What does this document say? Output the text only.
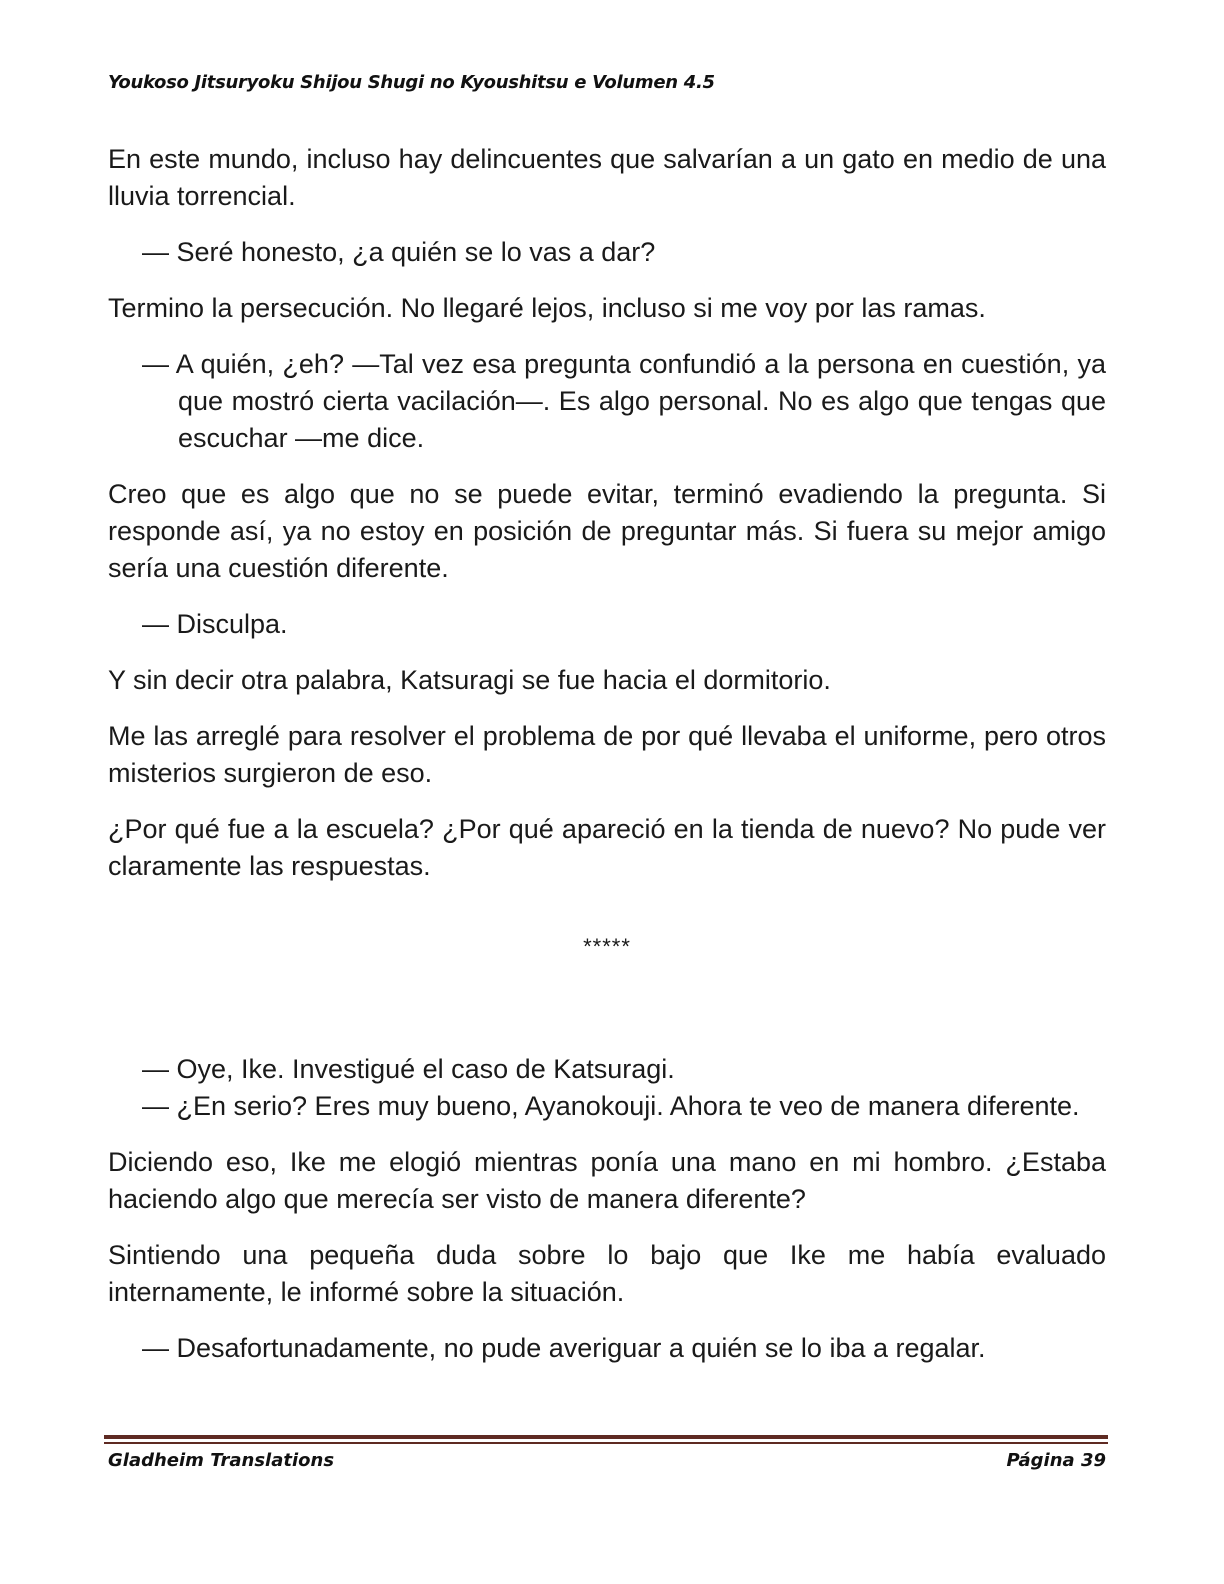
Youkoso Jitsuryoku Shijou Shugi no Kyoushitsu e Volumen 4.5

En este mundo, incluso hay delincuentes que salvarían a un gato en medio de una lluvia torrencial.

— Seré honesto, ¿a quién se lo vas a dar?

Termino la persecución. No llegaré lejos, incluso si me voy por las ramas.

— A quién, ¿eh? —Tal vez esa pregunta confundió a la persona en cuestión, ya que mostró cierta vacilación—. Es algo personal. No es algo que tengas que escuchar —me dice.

Creo que es algo que no se puede evitar, terminó evadiendo la pregunta. Si responde así, ya no estoy en posición de preguntar más. Si fuera su mejor amigo sería una cuestión diferente.

— Disculpa.

Y sin decir otra palabra, Katsuragi se fue hacia el dormitorio.

Me las arreglé para resolver el problema de por qué llevaba el uniforme, pero otros misterios surgieron de eso.

¿Por qué fue a la escuela? ¿Por qué apareció en la tienda de nuevo? No pude ver claramente las respuestas.

*****

— Oye, Ike. Investigué el caso de Katsuragi.

— ¿En serio? Eres muy bueno, Ayanokouji. Ahora te veo de manera diferente.

Diciendo eso, Ike me elogió mientras ponía una mano en mi hombro. ¿Estaba haciendo algo que merecía ser visto de manera diferente?

Sintiendo una pequeña duda sobre lo bajo que Ike me había evaluado internamente, le informé sobre la situación.

— Desafortunadamente, no pude averiguar a quién se lo iba a regalar.

Gladheim Translations	Página 39
